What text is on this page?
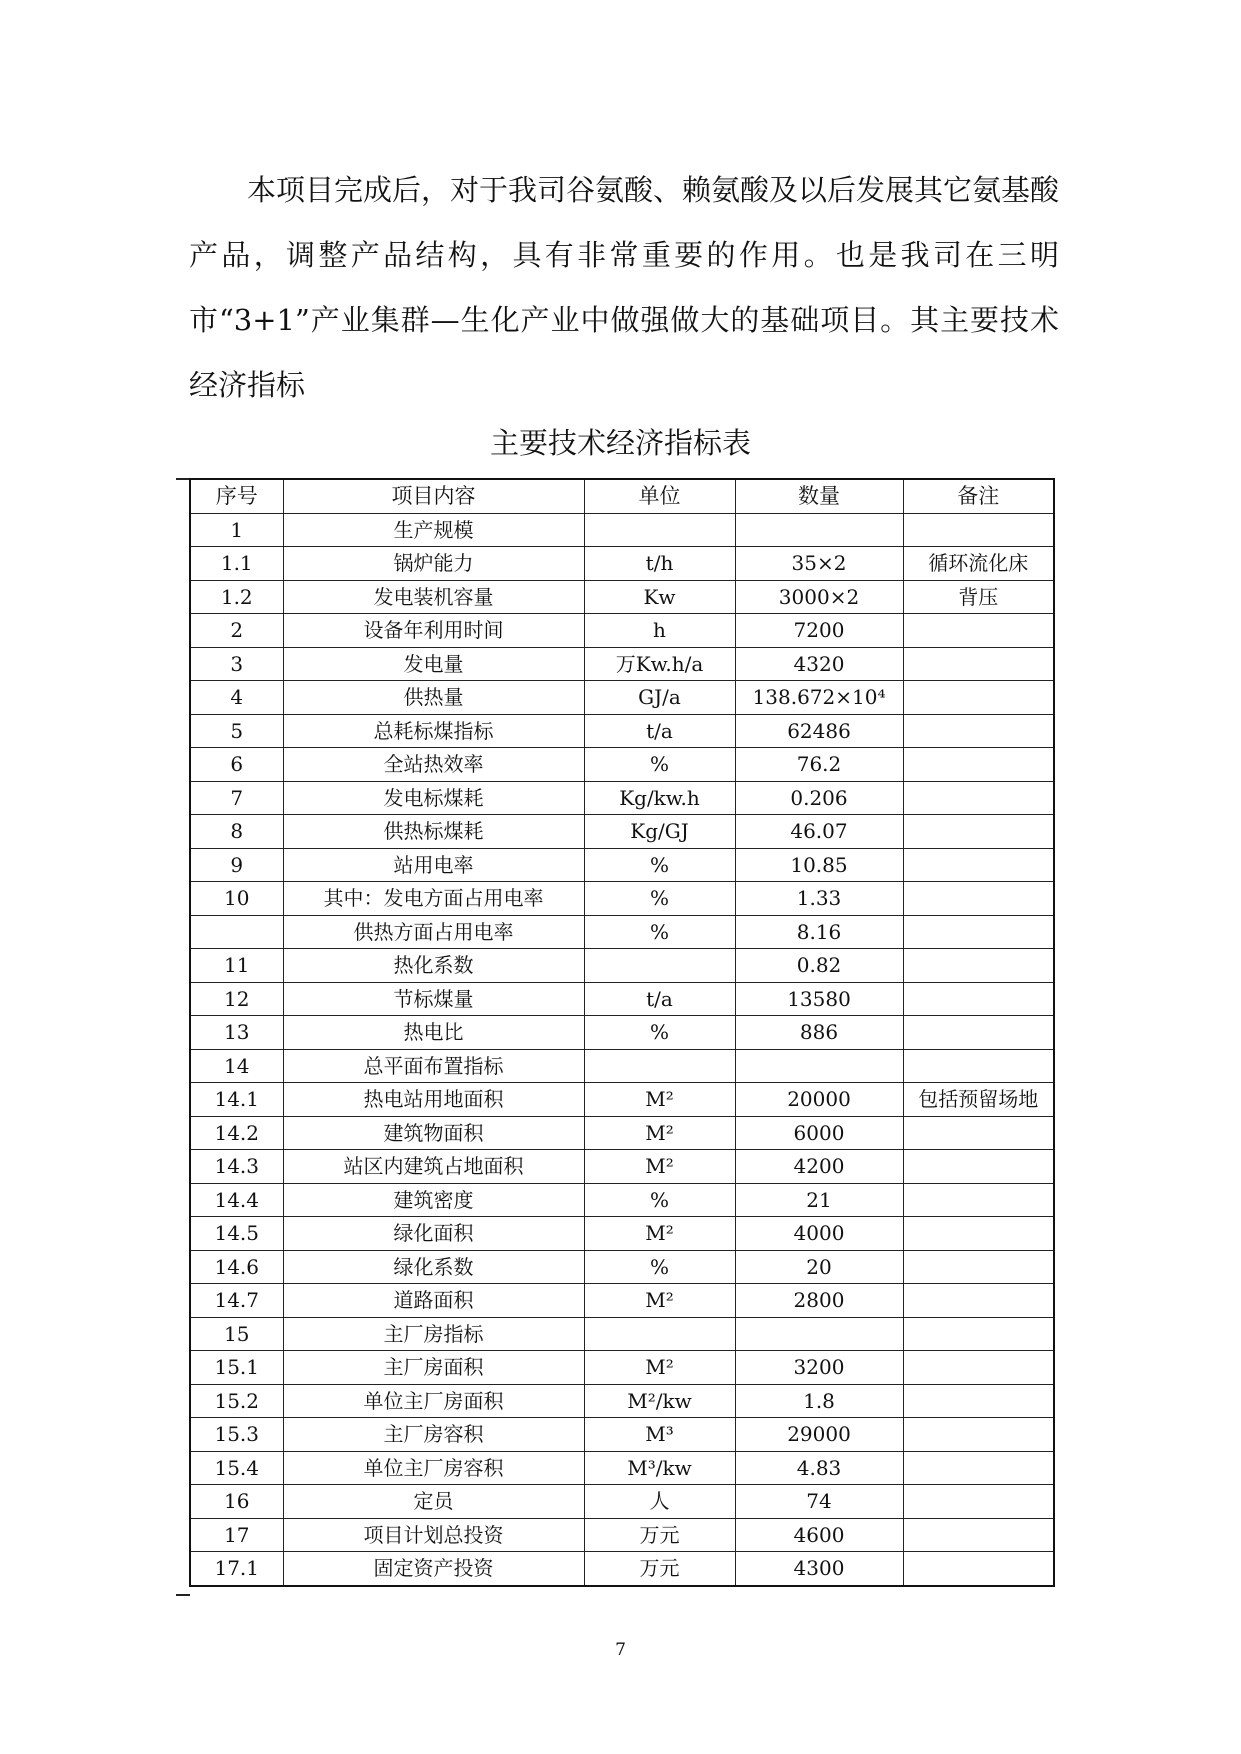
本项目完成后，对于我司谷氨酸、赖氨酸及以后发展其它氨基酸产品，调整产品结构，具有非常重要的作用。也是我司在三明市“3+1”产业集群—生化产业中做强做大的基础项目。其主要技术经济指标

主要技术经济指标表
序号	项目内容	单位	数量	备注
1	生产规模			
1.1	锅炉能力	t/h	35×2	循环流化床
1.2	发电装机容量	Kw	3000×2	背压
2	设备年利用时间	h	7200	
3	发电量	万Kw.h/a	4320	
4	供热量	GJ/a	138.672×10⁴	
5	总耗标煤指标	t/a	62486	
6	全站热效率	%	76.2	
7	发电标煤耗	Kg/kw.h	0.206	
8	供热标煤耗	Kg/GJ	46.07	
9	站用电率	%	10.85	
10	其中：发电方面占用电率	%	1.33	
	供热方面占用电率	%	8.16	
11	热化系数		0.82	
12	节标煤量	t/a	13580	
13	热电比	%	886	
14	总平面布置指标			
14.1	热电站用地面积	M²	20000	包括预留场地
14.2	建筑物面积	M²	6000	
14.3	站区内建筑占地面积	M²	4200	
14.4	建筑密度	%	21	
14.5	绿化面积	M²	4000	
14.6	绿化系数	%	20	
14.7	道路面积	M²	2800	
15	主厂房指标			
15.1	主厂房面积	M²	3200	
15.2	单位主厂房面积	M²/kw	1.8	
15.3	主厂房容积	M³	29000	
15.4	单位主厂房容积	M³/kw	4.83	
16	定员	人	74	
17	项目计划总投资	万元	4600	
17.1	固定资产投资	万元	4300	
7
